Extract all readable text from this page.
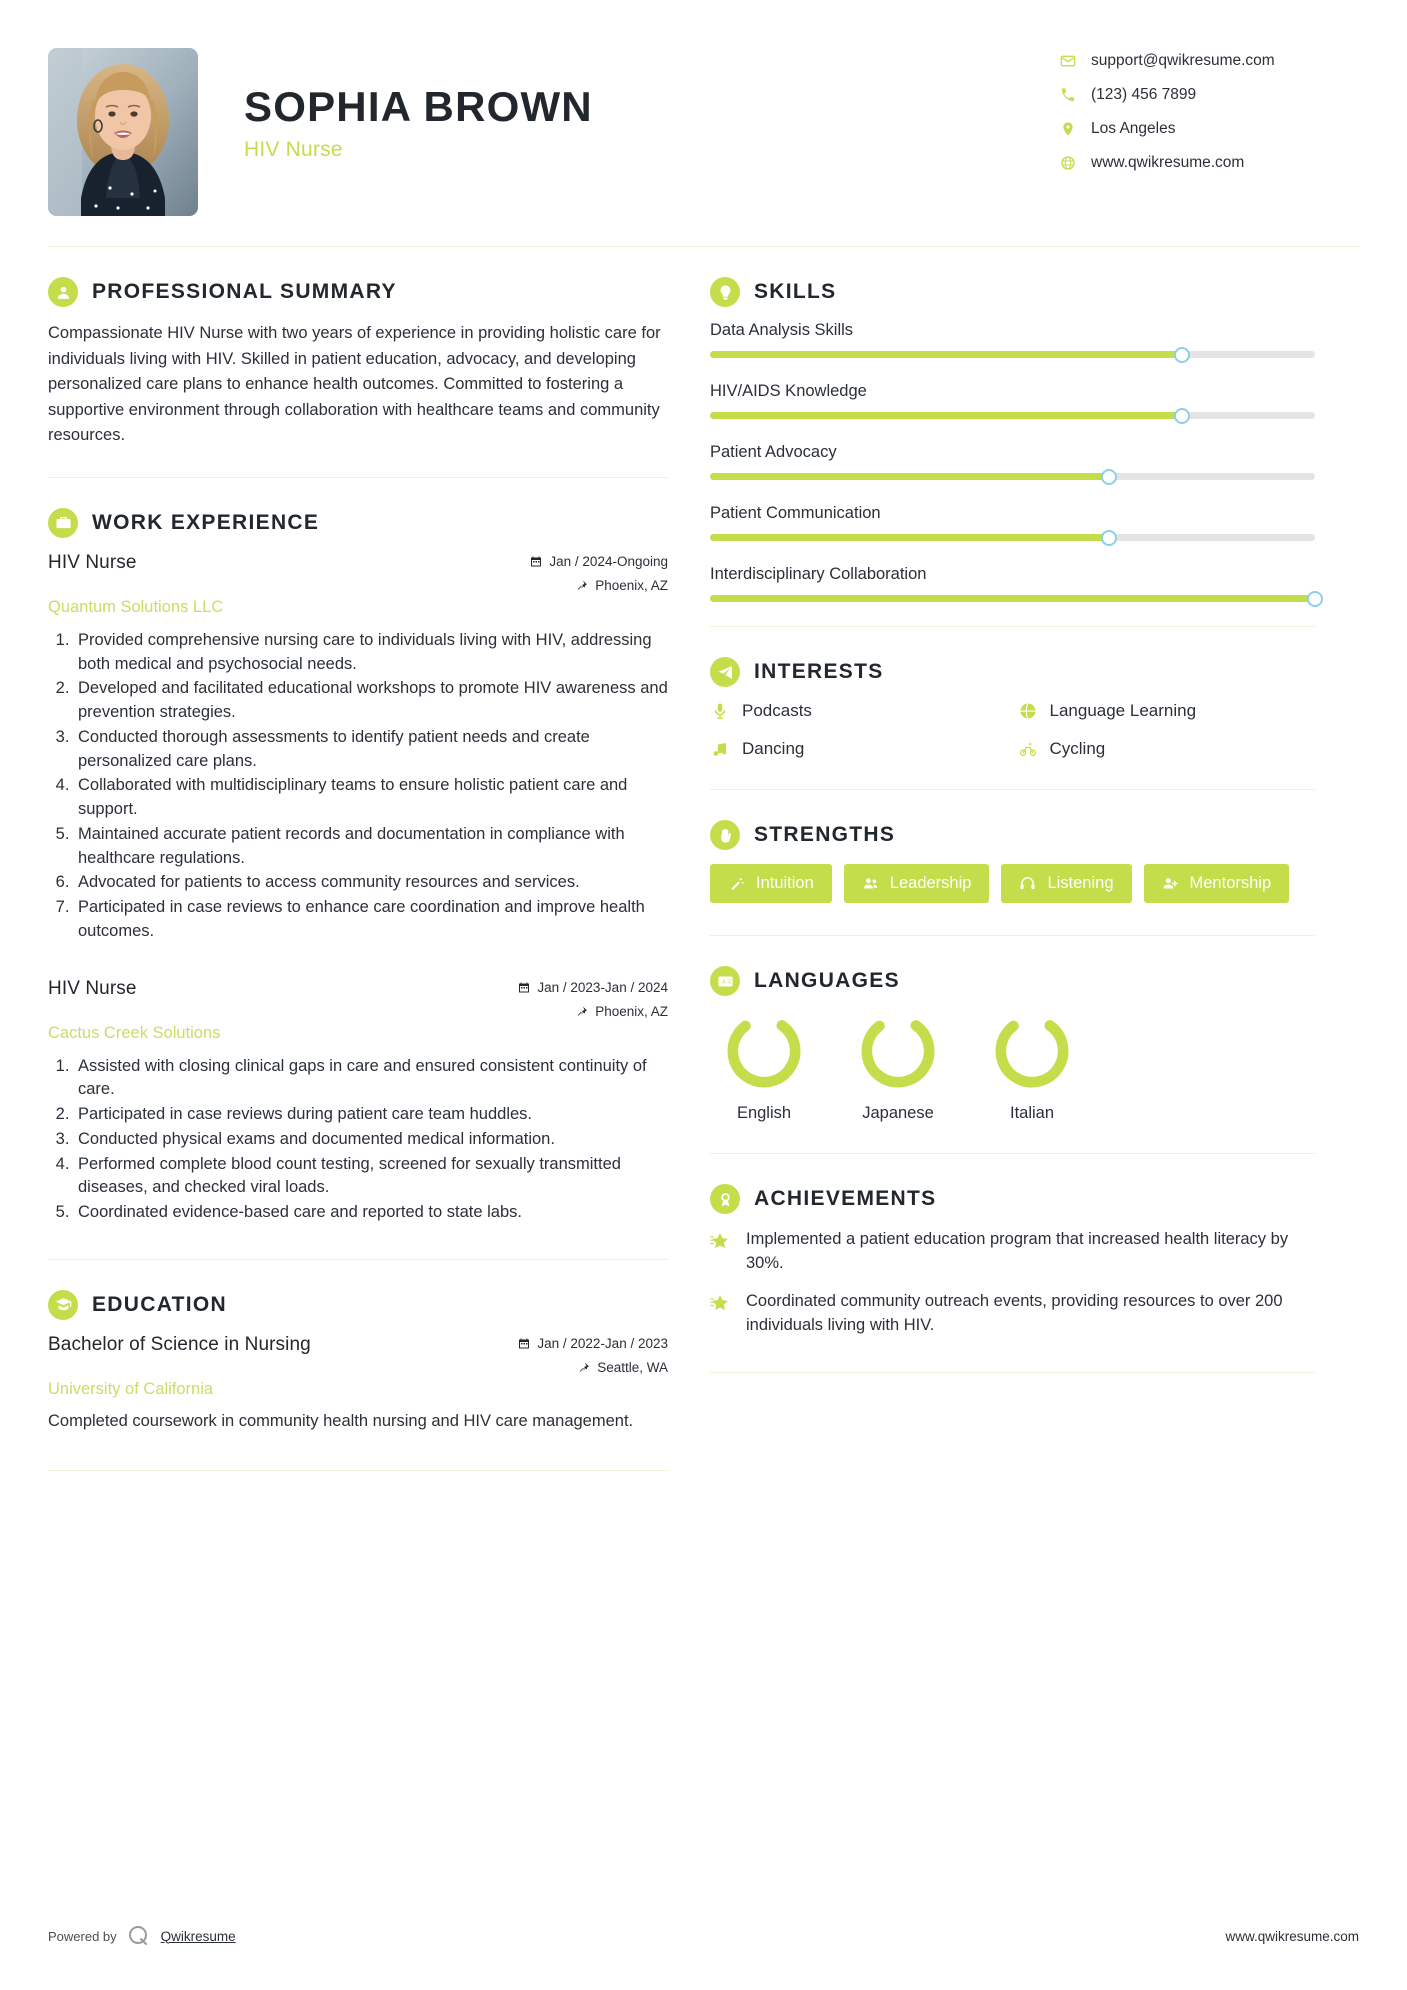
SOPHIA BROWN
HIV Nurse
support@qwikresume.com
(123) 456 7899
Los Angeles
www.qwikresume.com
PROFESSIONAL SUMMARY
Compassionate HIV Nurse with two years of experience in providing holistic care for individuals living with HIV. Skilled in patient education, advocacy, and developing personalized care plans to enhance health outcomes. Committed to fostering a supportive environment through collaboration with healthcare teams and community resources.
WORK EXPERIENCE
HIV Nurse	Jan / 2024-Ongoing
Phoenix, AZ
Quantum Solutions LLC
1. Provided comprehensive nursing care to individuals living with HIV, addressing both medical and psychosocial needs.
2. Developed and facilitated educational workshops to promote HIV awareness and prevention strategies.
3. Conducted thorough assessments to identify patient needs and create personalized care plans.
4. Collaborated with multidisciplinary teams to ensure holistic patient care and support.
5. Maintained accurate patient records and documentation in compliance with healthcare regulations.
6. Advocated for patients to access community resources and services.
7. Participated in case reviews to enhance care coordination and improve health outcomes.
HIV Nurse	Jan / 2023-Jan / 2024
Phoenix, AZ
Cactus Creek Solutions
1. Assisted with closing clinical gaps in care and ensured consistent continuity of care.
2. Participated in case reviews during patient care team huddles.
3. Conducted physical exams and documented medical information.
4. Performed complete blood count testing, screened for sexually transmitted diseases, and checked viral loads.
5. Coordinated evidence-based care and reported to state labs.
EDUCATION
Bachelor of Science in Nursing	Jan / 2022-Jan / 2023
Seattle, WA
University of California
Completed coursework in community health nursing and HIV care management.
SKILLS
Data Analysis Skills
HIV/AIDS Knowledge
Patient Advocacy
Patient Communication
Interdisciplinary Collaboration
INTERESTS
Podcasts	Language Learning
Dancing	Cycling
STRENGTHS
Intuition	Leadership	Listening	Mentorship
A 文 LANGUAGES
English	Japanese	Italian
ACHIEVEMENTS
Implemented a patient education program that increased health literacy by 30%.
Coordinated community outreach events, providing resources to over 200 individuals living with HIV.
Powered by	Qwikresume	www.qwikresume.com
